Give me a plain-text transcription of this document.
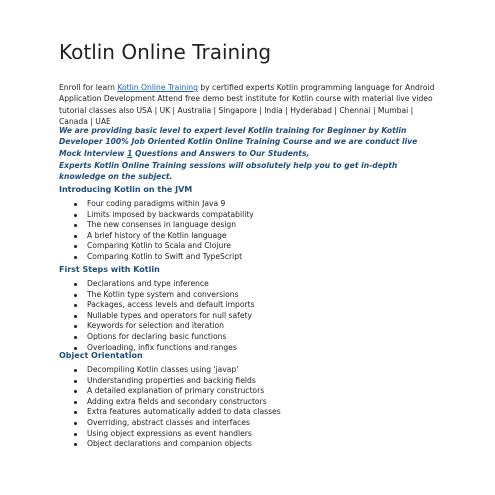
Kotlin Online Training

Enroll for learn Kotlin Online Training by certified experts Kotlin programming language for Android Application Development Attend free demo best institute for Kotlin course with material live video tutorial classes also USA | UK | Australia | Singapore | India | Hyderabad | Chennai | Mumbai | Canada | UAE

We are providing basic level to expert level Kotlin training for Beginner by Kotlin Developer 100% Job Oriented Kotlin Online Training Course and we are conduct live Mock Interview 1 Questions and Answers to Our Students,

Experts Kotlin Online Training sessions will obsolutely help you to get in-depth knowledge on the subject.

Introducing Kotlin on the JVM
Four coding paradigms within Java 9
Limits imposed by backwards compatability
The new consenses in language design
A brief history of the Kotlin language
Comparing Kotlin to Scala and Clojure
Comparing Kotlin to Swift and TypeScript
First Steps with Kotlin
Declarations and type inference
The Kotlin type system and conversions
Packages, access levels and default imports
Nullable types and operators for null safety
Keywords for selection and iteration
Options for declaring basic functions
Overloading, infix functions and ranges
Object Orientation
Decompiling Kotlin classes using 'javap'
Understanding properties and backing fields
A detailed explanation of primary constructors
Adding extra fields and secondary constructors
Extra features automatically added to data classes
Overriding, abstract classes and interfaces
Using object expressions as event handlers
Object declarations and companion objects
